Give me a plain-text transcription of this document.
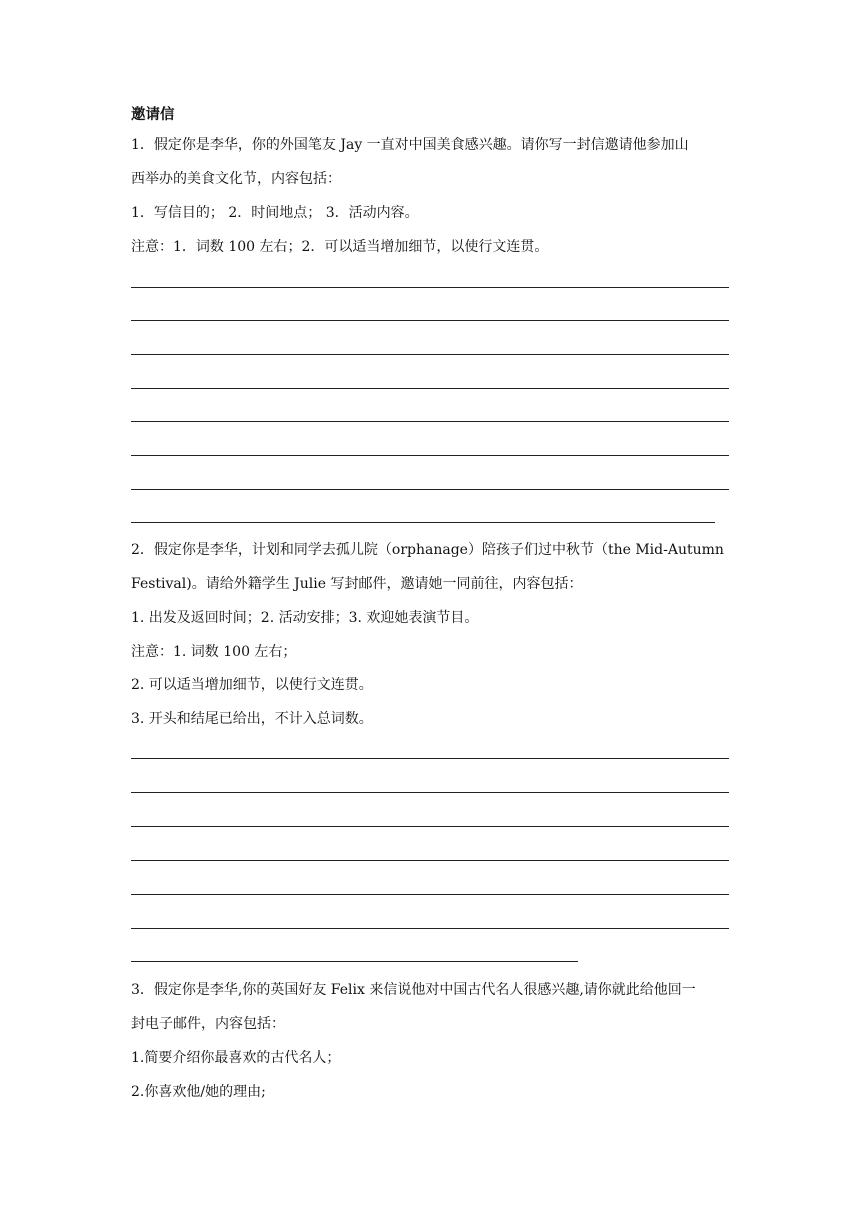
邀请信
1．假定你是李华，你的外国笔友 Jay 一直对中国美食感兴趣。请你写一封信邀请他参加山
西举办的美食文化节，内容包括：
1．写信目的； 2．时间地点； 3．活动内容。
注意：1．词数 100 左右；2．可以适当增加细节，以使行文连贯。
2．假定你是李华，计划和同学去孤儿院（orphanage）陪孩子们过中秋节（the Mid-Autumn
Festival)。请给外籍学生 Julie 写封邮件，邀请她一同前往，内容包括：
1. 出发及返回时间；2. 活动安排；3. 欢迎她表演节目。
注意：1. 词数 100 左右；
2. 可以适当增加细节，以使行文连贯。
3. 开头和结尾已给出，不计入总词数。
3．假定你是李华,你的英国好友 Felix 来信说他对中国古代名人很感兴趣,请你就此给他回一
封电子邮件，内容包括：
1.简要介绍你最喜欢的古代名人；
2.你喜欢他/她的理由;
